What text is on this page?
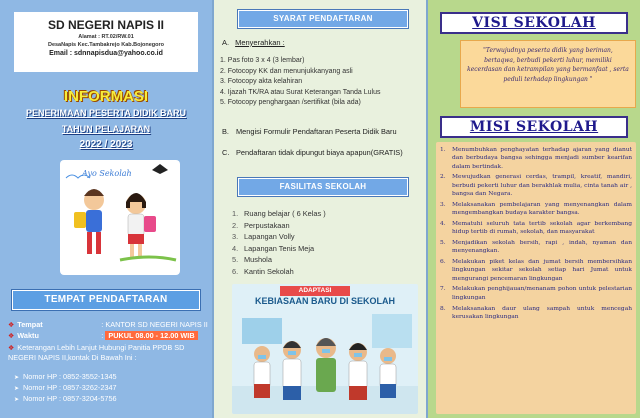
SD NEGERI NAPIS II
Alamat : RT.02/RW.01
DesaNapis Kec.Tambakrejo Kab.Bojonegoro
Email : sdnnapisdua@yahoo.co.id
INFORMASI
PENERIMAAN PESERTA DIDIK BARU
TAHUN PELAJARAN
2022 / 2023
Ayo Sekolah
TEMPAT PENDAFTARAN
❖ Tempat	: KANTOR SD NEGERI NAPIS II
❖ Waktu	: PUKUL 08.00 - 12.00 WIB
❖ Keterangan Lebih Lanjut Hubungi Panitia PPDB SD NEGERI NAPIS II,kontak Di Bawah Ini :
➤ Nomor HP : 0852-3552-1345
➤ Nomor HP : 0857-3262-2347
➤ Nomor HP : 0857-3204-5756
SYARAT PENDAFTARAN
A. Menyerahkan :
1. Pas foto 3 x 4 (3 lembar)
2. Fotocopy KK dan menunjukkanyang asli
3. Fotocopy akta kelahiran
4. Ijazah TK/RA atau Surat Keterangan Tanda Lulus
5. Fotocopy penghargaan /sertifikat (bila ada)
B. Mengisi Formulir Pendaftaran Peserta Didik Baru
C. Pendaftaran tidak dipungut biaya apapun(GRATIS)
FASILITAS SEKOLAH
1. Ruang belajar ( 6 Kelas )
2. Perpustakaan
3. Lapangan Volly
4. Lapangan Tenis Meja
5. Mushola
6. Kantin Sekolah
ADAPTASI
KEBIASAAN BARU DI SEKOLAH
VISI SEKOLAH
"Terwujudnya peserta didik yang beriman, bertaqwa, berbudi pekerti luhur, memiliki kecerdasan dan ketrampilan yang bermanfaat , serta peduli terhadap lingkungan "
MISI SEKOLAH
1.	Menumbuhkan penghayatan terhadap ajaran yang dianut dan berbudaya bangsa sehingga menjadi sumber kearifan dalam bertindak.
2.	Mewujudkan generasi cerdas, trampil, kreatif, mandiri, berbudi pekerti luhur dan berakhlak mulia, cinta tanah air , bangsa dan Negara.
3.	Melaksanakan pembelajaran yang menyenangkan dalam mengembangkan budaya karakter bangsa.
4.	Mematuhi seluruh tata tertib sekolah agar berkembang hidup tertib di rumah, sekolah, dan masyarakat
5.	Menjadikan sekolah bersih, rapi , indah, nyaman dan menyenangkan.
6.	Melakukan piket kelas dan jumat bersih membersihkan lingkungan sekitar sekolah setiap hari Jumat untuk mengurangi pencemaran lingkungan
7.	Melakukan penghijauan/menanam pohon untuk pelestarian lingkungan
8.	Melaksanakan daur ulang sampah untuk mencegah kerusakan lingkungan
